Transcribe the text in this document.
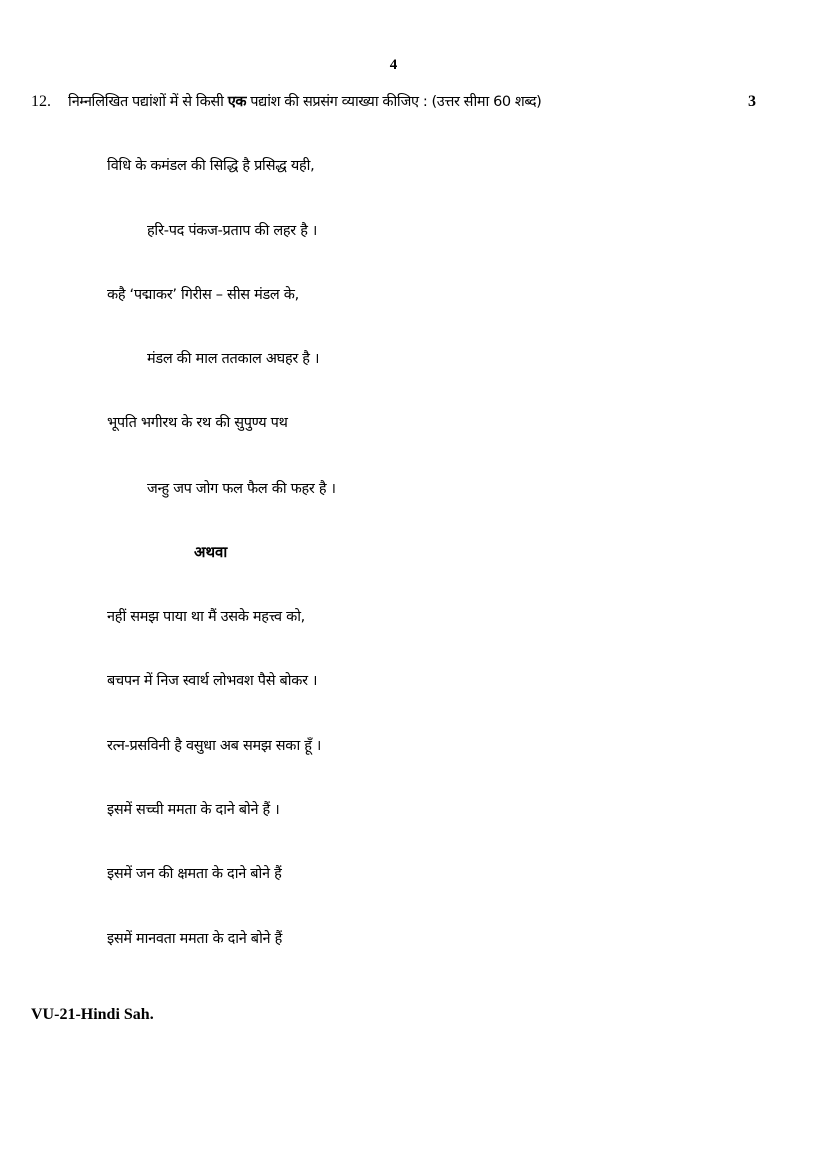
4
12. निम्नलिखित पद्यांशों में से किसी एक पद्यांश की सप्रसंग व्याख्या कीजिए : (उत्तर सीमा 60 शब्द)	3
विधि के कमंडल की सिद्धि है प्रसिद्ध यही,
हरि-पद पंकज-प्रताप की लहर है ।
कहै ‘पद्माकर’ गिरीस – सीस मंडल के,
मंडल की माल ततकाल अघहर है ।
भूपति भगीरथ के रथ की सुपुण्य पथ
जन्हु जप जोग फल फैल की फहर है ।
अथवा
नहीं समझ पाया था मैं उसके महत्त्व को,
बचपन में निज स्वार्थ लोभवश पैसे बोकर ।
रत्न-प्रसविनी है वसुधा अब समझ सका हूँ ।
इसमें सच्ची ममता के दाने बोने हैं ।
इसमें जन की क्षमता के दाने बोने हैं
इसमें मानवता ममता के दाने बोने हैं
VU-21-Hindi Sah.
